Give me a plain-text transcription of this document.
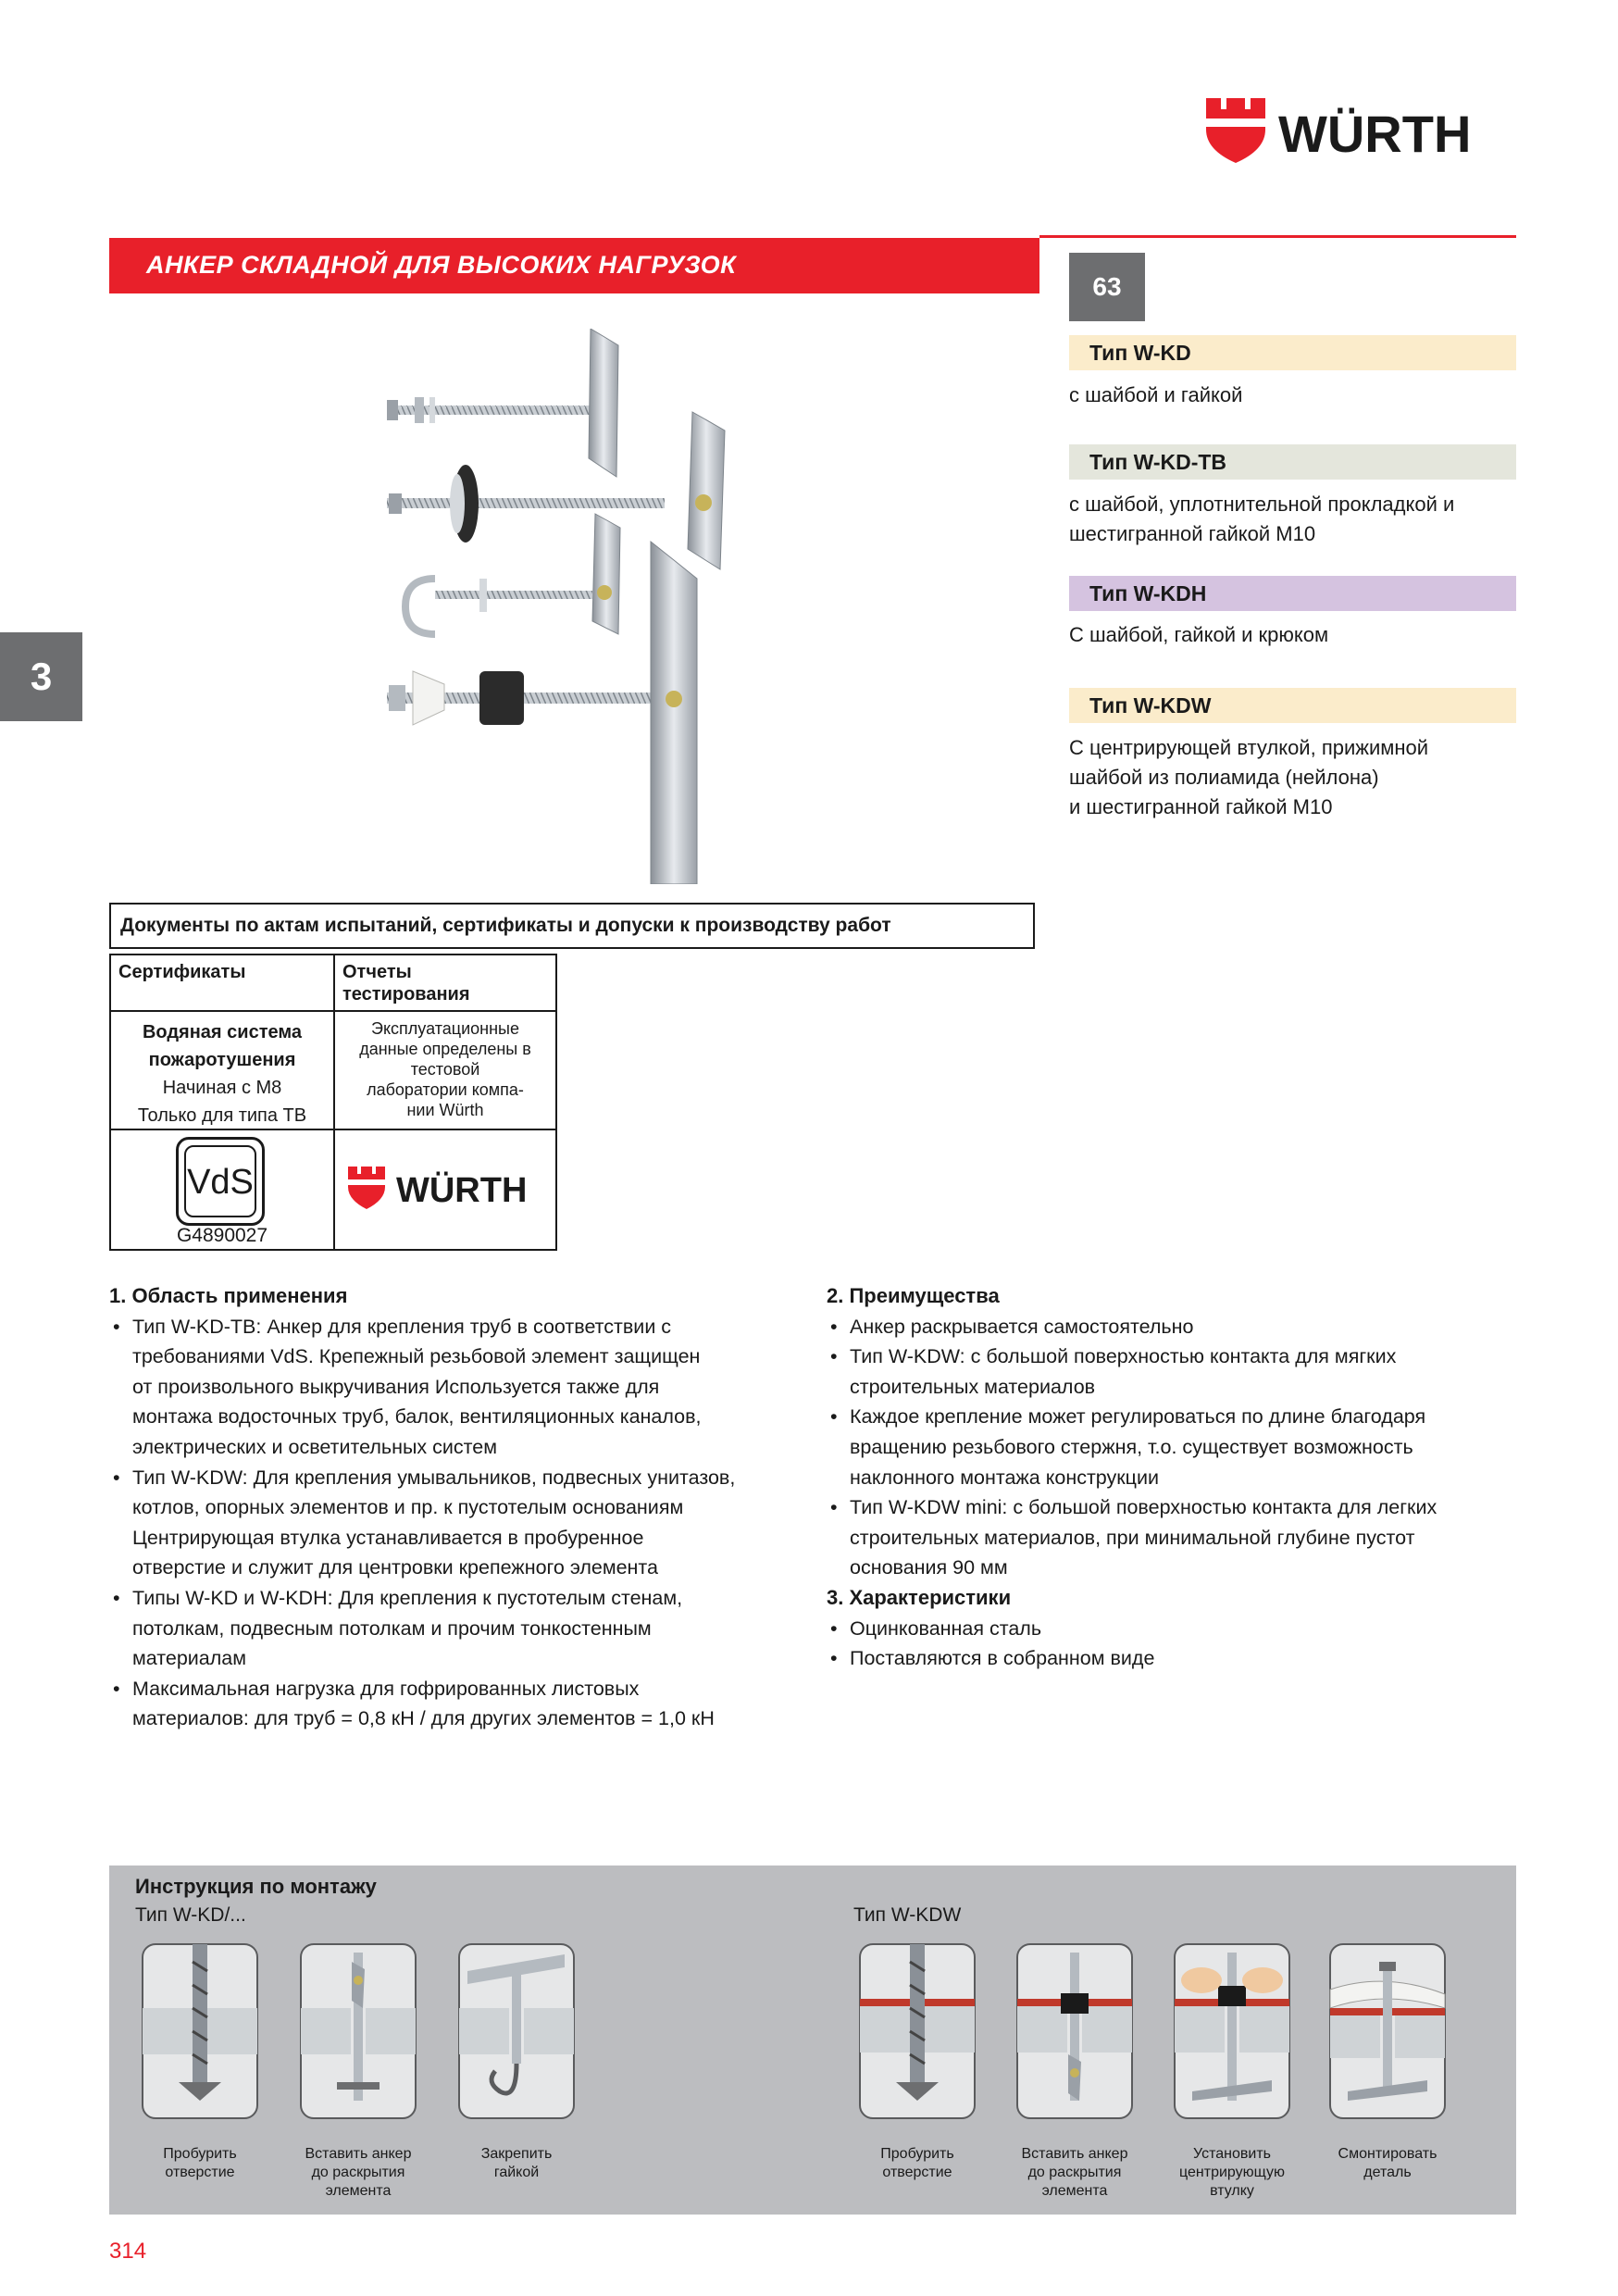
WÜRTH
АНКЕР СКЛАДНОЙ ДЛЯ ВЫСОКИХ НАГРУЗОК
63
Тип W-KD
с шайбой и гайкой
Тип W-KD-TB
с шайбой, уплотнительной прокладкой и
шестигранной гайкой M10
Тип W-KDH
С шайбой, гайкой и крюком
Тип W-KDW
С центрирующей втулкой, прижимной
шайбой из полиамида (нейлона)
и шестигранной гайкой M10
3
Документы по актам испытаний, сертификаты и допуски к производству работ
Сертификаты	Отчеты
тестирования
Водяная система
пожаротушения
Начиная с M8
Только для типа TB
Эксплуатационные
данные определены в
тестовой
лаборатории компа-
нии Würth
VdS
G4890027
WÜRTH
1. Область применения
• Тип W-KD-TB: Анкер для крепления труб в соответствии с
требованиями VdS. Крепежный резьбовой элемент защищен
от произвольного выкручивания Используется также для
монтажа водосточных труб, балок, вентиляционных каналов,
электрических и осветительных систем
• Тип W-KDW: Для крепления умывальников, подвесных унитазов,
котлов, опорных элементов и пр. к пустотелым основаниям
Центрирующая втулка устанавливается в пробуренное
отверстие и служит для центровки крепежного элемента
• Типы W-KD и W-KDH: Для крепления к пустотелым стенам,
потолкам, подвесным потолкам и прочим тонкостенным
материалам
• Максимальная нагрузка для гофрированных листовых
материалов: для труб = 0,8 кН / для других элементов = 1,0 кН
2. Преимущества
• Анкер раскрывается самостоятельно
• Тип W-KDW: с большой поверхностью контакта для мягких
строительных материалов
• Каждое крепление может регулироваться по длине благодаря
вращению резьбового стержня, т.о. существует возможность
наклонного монтажа конструкции
• Тип W-KDW mini: с большой поверхностью контакта для легких
строительных материалов, при минимальной глубине пустот
основания 90 мм
3. Характеристики
• Оцинкованная сталь
• Поставляются в собранном виде
Инструкция по монтажу
Тип W-KD/...	Тип W-KDW
Пробурить
отверстие
Вставить анкер
до раскрытия
элемента
Закрепить
гайкой
Пробурить
отверстие
Вставить анкер
до раскрытия
элемента
Установить
центрирующую
втулку
Смонтировать
деталь
314
